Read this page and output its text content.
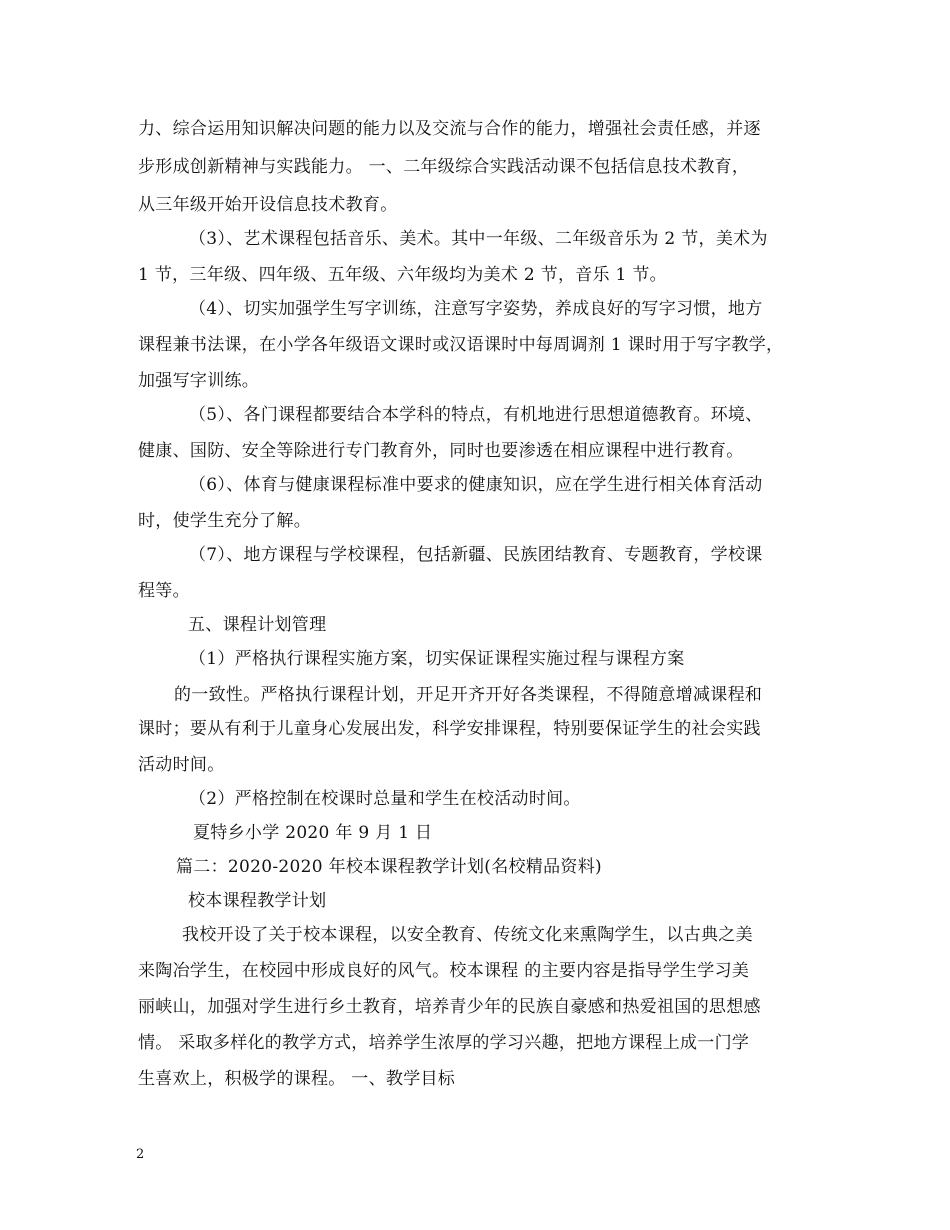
力、综合运用知识解决问题的能力以及交流与合作的能力，增强社会责任感，并逐
步形成创新精神与实践能力。 一、二年级综合实践活动课不包括信息技术教育，
从三年级开始开设信息技术教育。
（3）、艺术课程包括音乐、美术。其中一年级、二年级音乐为 2 节，美术为
1 节，三年级、四年级、五年级、六年级均为美术 2 节，音乐 1 节。
（4）、切实加强学生写字训练，注意写字姿势，养成良好的写字习惯，地方
课程兼书法课，在小学各年级语文课时或汉语课时中每周调剂 1 课时用于写字教学，
加强写字训练。
（5）、各门课程都要结合本学科的特点，有机地进行思想道德教育。环境、
健康、国防、安全等除进行专门教育外，同时也要渗透在相应课程中进行教育。
（6）、体育与健康课程标准中要求的健康知识，应在学生进行相关体育活动
时，使学生充分了解。
（7）、地方课程与学校课程，包括新疆、民族团结教育、专题教育，学校课
程等。
五、课程计划管理
（1）严格执行课程实施方案，切实保证课程实施过程与课程方案
的一致性。严格执行课程计划，开足开齐开好各类课程，不得随意增减课程和
课时；要从有利于儿童身心发展出发，科学安排课程，特别要保证学生的社会实践
活动时间。
（2）严格控制在校课时总量和学生在校活动时间。
夏特乡小学 2020 年 9 月 1 日
篇二：2020-2020 年校本课程教学计划(名校精品资料)
校本课程教学计划
我校开设了关于校本课程，以安全教育、传统文化来熏陶学生，以古典之美
来陶冶学生，在校园中形成良好的风气。校本课程 的主要内容是指导学生学习美
丽峡山，加强对学生进行乡土教育，培养青少年的民族自豪感和热爱祖国的思想感
情。 采取多样化的教学方式，培养学生浓厚的学习兴趣，把地方课程上成一门学
生喜欢上，积极学的课程。 一、教学目标
2
